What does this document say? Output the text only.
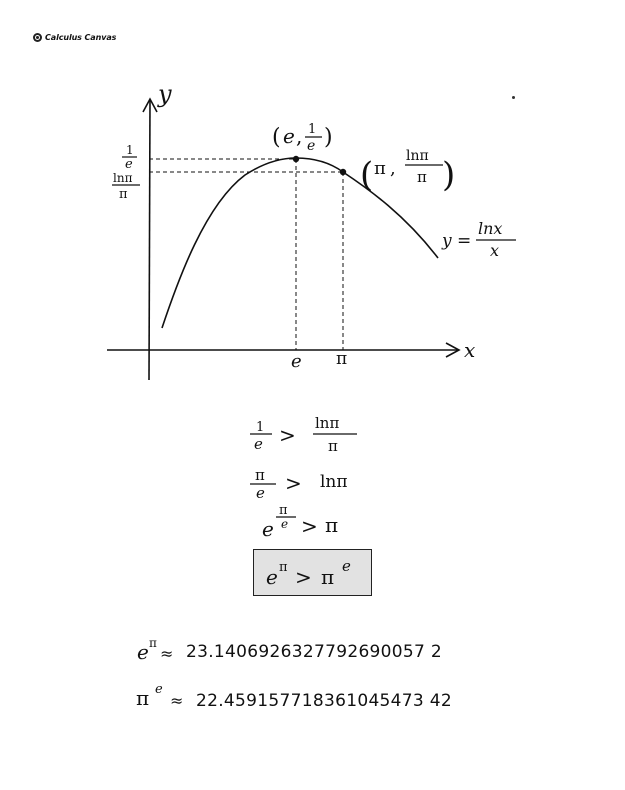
Calculus Canvas
y
x
( e , 1
e )
( π ,
lnπ
π )
1
e
lnπ
π
e π
y =
lnx
x
1
e > lnπ
π
π
e > lnπ
e
π
e > π
e π > π e
e π
≈ 23.1406926327792690057 2
π e
≈ 22.459157718361045473 42
